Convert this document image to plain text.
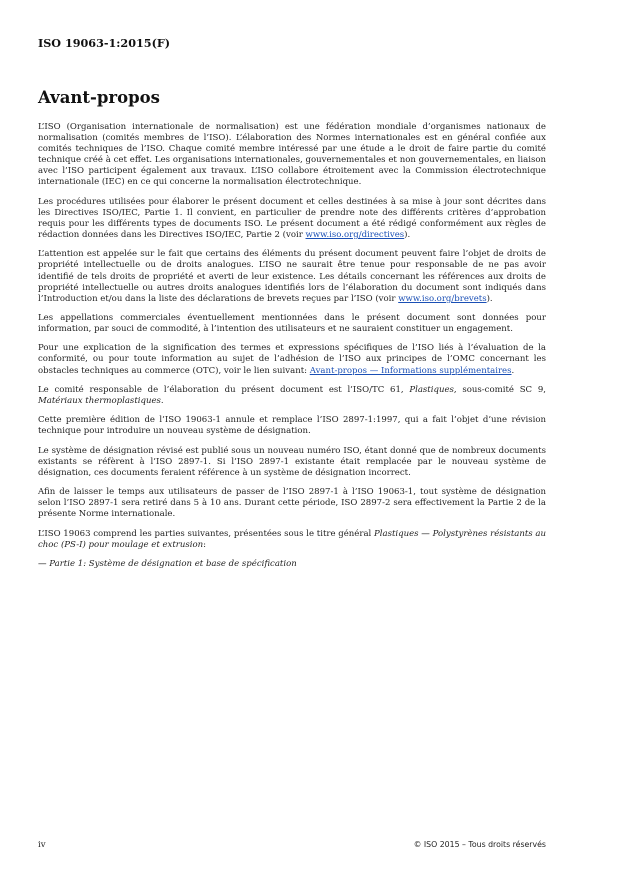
ISO 19063-1:2015(F)
Avant-propos

L’ISO (Organisation internationale de normalisation) est une fédération mondiale d’organismes nationaux de normalisation (comités membres de l’ISO). L’élaboration des Normes internationales est en général confiée aux comités techniques de l’ISO. Chaque comité membre intéressé par une étude a le droit de faire partie du comité technique créé à cet effet. Les organisations internationales, gouvernementales et non gouvernementales, en liaison avec l’ISO participent également aux travaux. L’ISO collabore étroitement avec la Commission électrotechnique internationale (IEC) en ce qui concerne la normalisation électrotechnique.

Les procédures utilisées pour élaborer le présent document et celles destinées à sa mise à jour sont décrites dans les Directives ISO/IEC, Partie 1. Il convient, en particulier de prendre note des différents critères d’approbation requis pour les différents types de documents ISO. Le présent document a été rédigé conformément aux règles de rédaction données dans les Directives ISO/IEC, Partie 2 (voir www.iso.org/directives).

L’attention est appelée sur le fait que certains des éléments du présent document peuvent faire l’objet de droits de propriété intellectuelle ou de droits analogues. L’ISO ne saurait être tenue pour responsable de ne pas avoir identifié de tels droits de propriété et averti de leur existence. Les détails concernant les références aux droits de propriété intellectuelle ou autres droits analogues identifiés lors de l’élaboration du document sont indiqués dans l’Introduction et/ou dans la liste des déclarations de brevets reçues par l’ISO (voir www.iso.org/brevets).

Les appellations commerciales éventuellement mentionnées dans le présent document sont données pour information, par souci de commodité, à l’intention des utilisateurs et ne sauraient constituer un engagement.

Pour une explication de la signification des termes et expressions spécifiques de l’ISO liés à l’évaluation de la conformité, ou pour toute information au sujet de l’adhésion de l’ISO aux principes de l’OMC concernant les obstacles techniques au commerce (OTC), voir le lien suivant: Avant-propos — Informations supplémentaires.

Le comité responsable de l’élaboration du présent document est l’ISO/TC 61, Plastiques, sous-comité SC 9, Matériaux thermoplastiques.

Cette première édition de l’ISO 19063-1 annule et remplace l’ISO 2897-1:1997, qui a fait l’objet d’une révision technique pour introduire un nouveau système de désignation.

Le système de désignation révisé est publié sous un nouveau numéro ISO, étant donné que de nombreux documents existants se réfèrent à l’ISO 2897-1. Si l’ISO 2897-1 existante était remplacée par le nouveau système de désignation, ces documents feraient référence à un système de désignation incorrect.

Afin de laisser le temps aux utilisateurs de passer de l’ISO 2897-1 à l’ISO 19063-1, tout système de désignation selon l’ISO 2897-1 sera retiré dans 5 à 10 ans. Durant cette période, ISO 2897-2 sera effectivement la Partie 2 de la présente Norme internationale.

L’ISO 19063 comprend les parties suivantes, présentées sous le titre général Plastiques — Polystyrènes résistants au choc (PS-I) pour moulage et extrusion:

— Partie 1: Système de désignation et base de spécification

iv	© ISO 2015 – Tous droits réservés
